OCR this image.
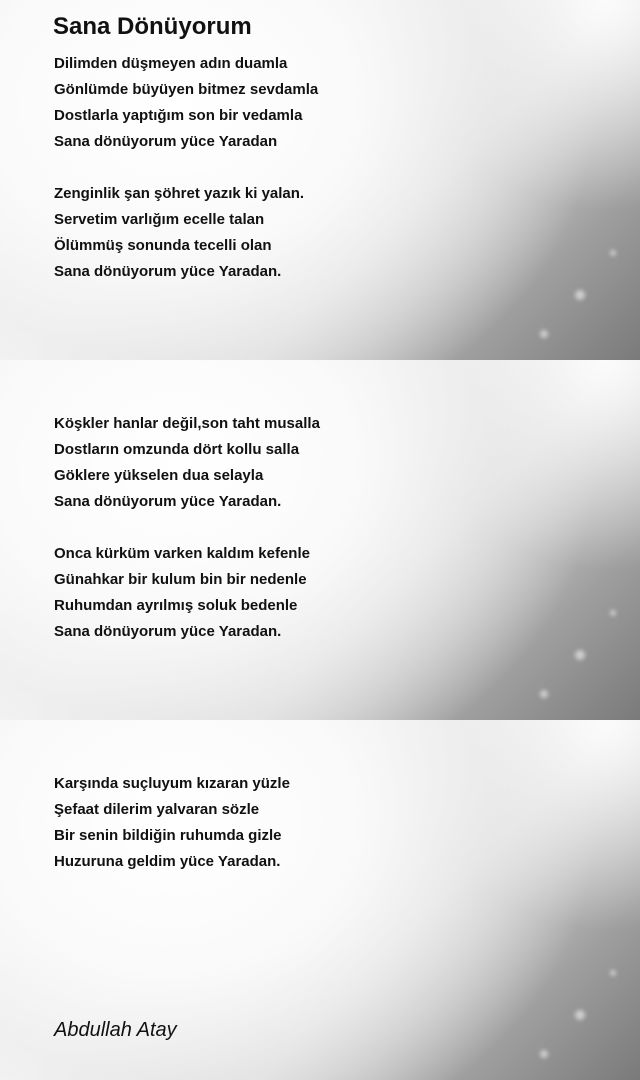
Sana Dönüyorum
Dilimden düşmeyen adın duamla
Gönlümde büyüyen bitmez sevdamla
Dostlarla yaptığım son bir vedamla
Sana dönüyorum yüce Yaradan
Zenginlik şan şöhret yazık ki yalan.
Servetim varlığım ecelle talan
Ölümmüş sonunda tecelli olan
Sana dönüyorum yüce Yaradan.
Köşkler hanlar değil,son taht musalla
Dostların omzunda dört kollu salla
Göklere yükselen dua selayla
Sana dönüyorum yüce Yaradan.
Onca kürküm varken kaldım kefenle
Günahkar bir kulum bin bir nedenle
Ruhumdan ayrılmış soluk bedenle
Sana dönüyorum yüce Yaradan.
Karşında suçluyum kızaran yüzle
Şefaat dilerim yalvaran sözle
Bir senin bildiğin ruhumda gizle
Huzuruna geldim yüce Yaradan.

Abdullah Atay
